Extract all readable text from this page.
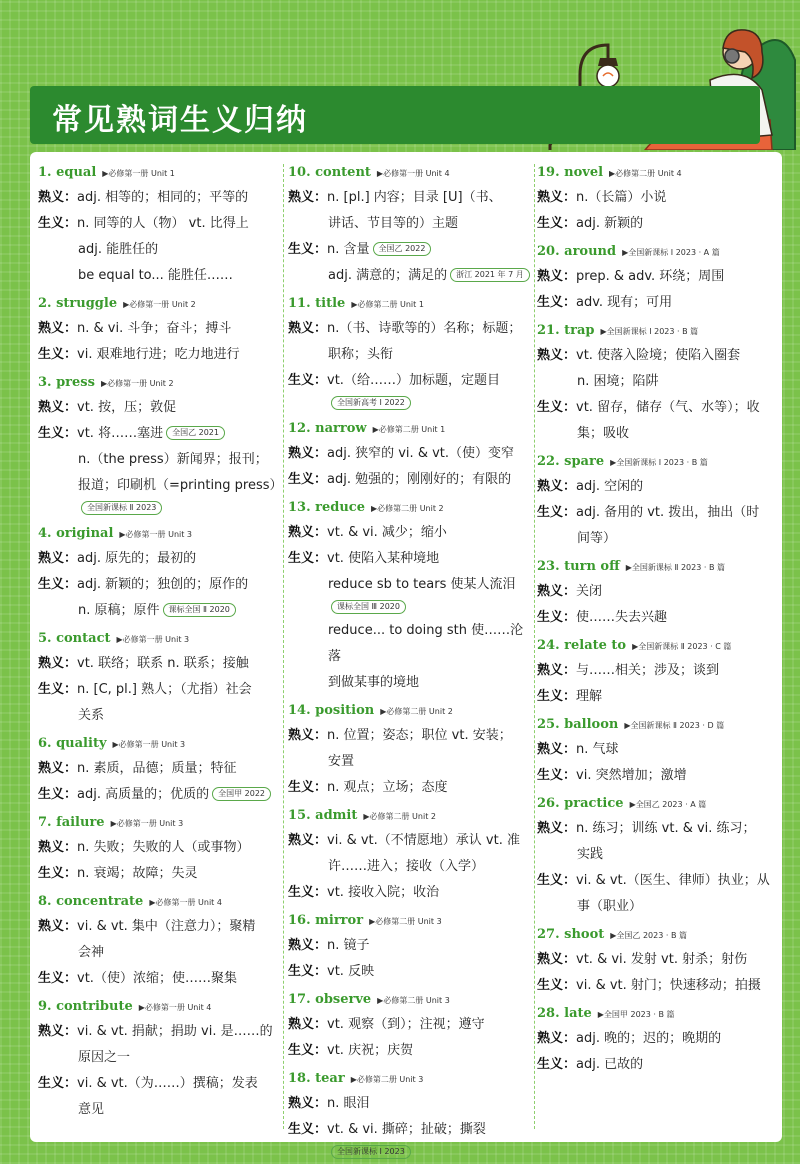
常见熟词生义归纳
1. equal ▶必修第一册 Unit 1
熟义：adj. 相等的；相同的；平等的
生义：n. 同等的人（物） vt. 比得上
adj. 能胜任的
be equal to... 能胜任……
2. struggle ▶必修第一册 Unit 2
熟义：n. & vi. 斗争；奋斗；搏斗
生义：vi. 艰难地行进；吃力地进行
3. press ▶必修第一册 Unit 2
熟义：vt. 按，压；敦促
生义：vt. 将……塞进 全国乙 2021
n.（the press）新闻界；报刊；
报道；印刷机（=printing press）
全国新课标 Ⅱ 2023
4. original ▶必修第一册 Unit 3
熟义：adj. 原先的；最初的
生义：adj. 新颖的；独创的；原作的
n. 原稿；原件 课标全国 Ⅱ 2020
5. contact ▶必修第一册 Unit 3
熟义：vt. 联络；联系 n. 联系；接触
生义：n. [C, pl.] 熟人；（尤指）社会
关系
6. quality ▶必修第一册 Unit 3
熟义：n. 素质，品德；质量；特征
生义：adj. 高质量的；优质的 全国甲 2022
7. failure ▶必修第一册 Unit 3
熟义：n. 失败；失败的人（或事物）
生义：n. 衰竭；故障；失灵
8. concentrate ▶必修第一册 Unit 4
熟义：vi. & vt. 集中（注意力）；聚精
会神
生义：vt.（使）浓缩；使……聚集
9. contribute ▶必修第一册 Unit 4
熟义：vi. & vt. 捐献；捐助 vi. 是……的
原因之一
生义：vi. & vt.（为……）撰稿；发表
意见
10. content ▶必修第一册 Unit 4
熟义：n. [pl.] 内容；目录 [U]（书、
讲话、节目等的）主题
生义：n. 含量 全国乙 2022
adj. 满意的；满足的 浙江 2021 年 7 月
11. title ▶必修第二册 Unit 1
熟义：n.（书、诗歌等的）名称；标题；
职称；头衔
生义：vt.（给……）加标题，定题目
全国新高考 Ⅰ 2022
12. narrow ▶必修第二册 Unit 1
熟义：adj. 狭窄的 vi. & vt.（使）变窄
生义：adj. 勉强的；刚刚好的；有限的
13. reduce ▶必修第二册 Unit 2
熟义：vt. & vi. 减少；缩小
生义：vt. 使陷入某种境地
reduce sb to tears 使某人流泪
课标全国 Ⅲ 2020
reduce... to doing sth 使……沦落
到做某事的境地
14. position ▶必修第二册 Unit 2
熟义：n. 位置；姿态；职位 vt. 安装；
安置
生义：n. 观点；立场；态度
15. admit ▶必修第二册 Unit 2
熟义：vi. & vt.（不情愿地）承认 vt. 准
许……进入；接收（入学）
生义：vt. 接收入院；收治
16. mirror ▶必修第二册 Unit 3
熟义：n. 镜子
生义：vt. 反映
17. observe ▶必修第二册 Unit 3
熟义：vt. 观察（到）；注视；遵守
生义：vt. 庆祝；庆贺
18. tear ▶必修第二册 Unit 3
熟义：n. 眼泪
生义：vt. & vi. 撕碎；扯破；撕裂
全国新课标 Ⅰ 2023
19. novel ▶必修第二册 Unit 4
熟义：n.（长篇）小说
生义：adj. 新颖的
20. around ▶全国新课标 Ⅰ 2023 · A 篇
熟义：prep. & adv. 环绕；周围
生义：adv. 现有；可用
21. trap ▶全国新课标 Ⅰ 2023 · B 篇
熟义：vt. 使落入险境；使陷入圈套
n. 困境；陷阱
生义：vt. 留存，储存（气、水等）；收
集；吸收
22. spare ▶全国新课标 Ⅰ 2023 · B 篇
熟义：adj. 空闲的
生义：adj. 备用的 vt. 拨出，抽出（时
间等）
23. turn off ▶全国新课标 Ⅱ 2023 · B 篇
熟义：关闭
生义：使……失去兴趣
24. relate to ▶全国新课标 Ⅱ 2023 · C 篇
熟义：与……相关；涉及；谈到
生义：理解
25. balloon ▶全国新课标 Ⅱ 2023 · D 篇
熟义：n. 气球
生义：vi. 突然增加；激增
26. practice ▶全国乙 2023 · A 篇
熟义：n. 练习；训练 vt. & vi. 练习；
实践
生义：vi. & vt.（医生、律师）执业；从
事（职业）
27. shoot ▶全国乙 2023 · B 篇
熟义：vt. & vi. 发射 vt. 射杀；射伤
生义：vi. & vt. 射门；快速移动；拍摄
28. late ▶全国甲 2023 · B 篇
熟义：adj. 晚的；迟的；晚期的
生义：adj. 已故的
